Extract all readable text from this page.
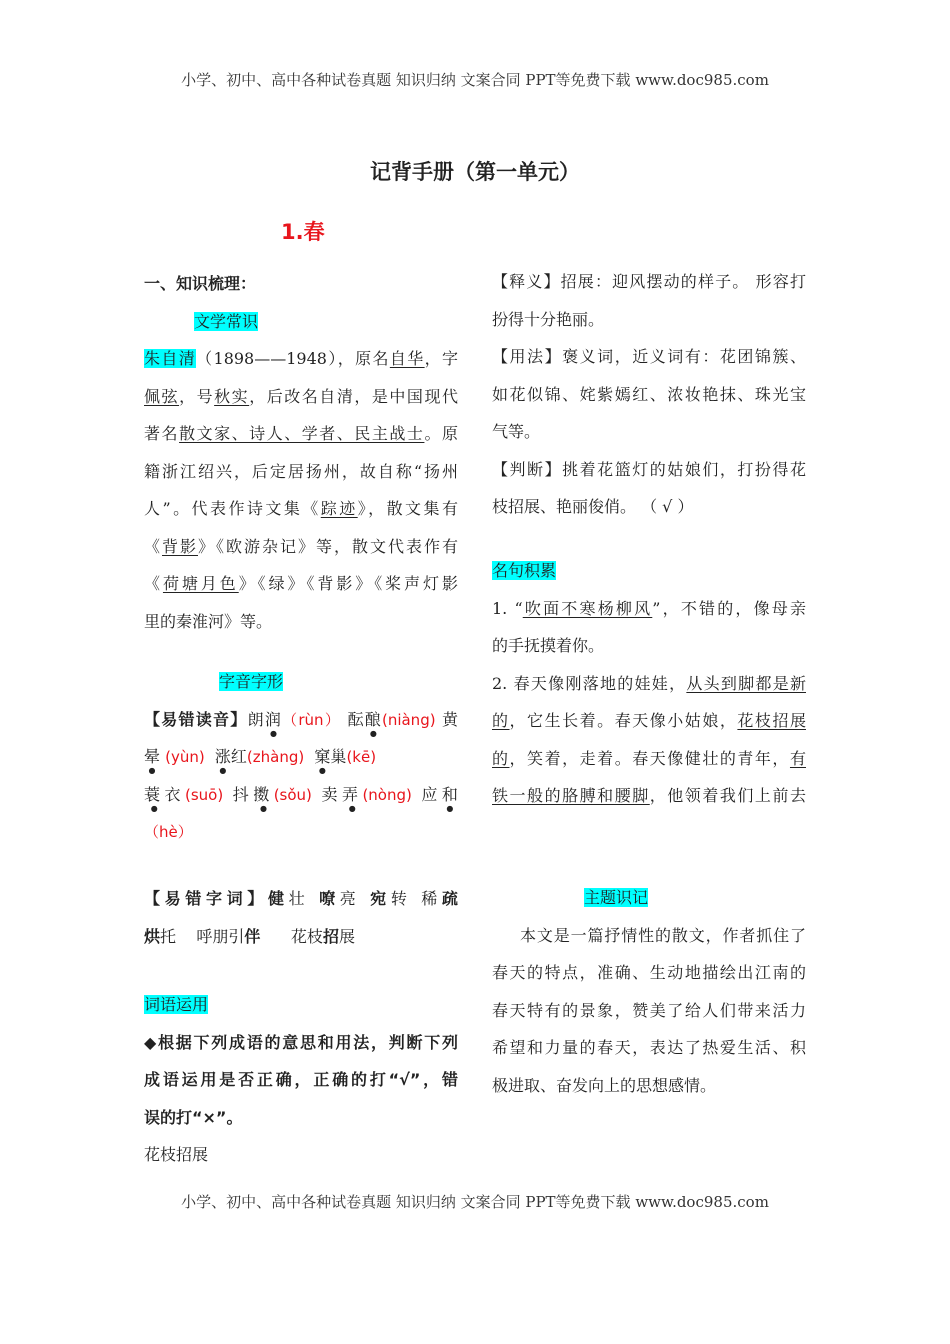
小学、初中、高中各种试卷真题 知识归纳 文案合同 PPT等免费下载 www.doc985.com
小学、初中、高中各种试卷真题 知识归纳 文案合同 PPT等免费下载 www.doc985.com
记背手册（第一单元）
1.春
一、知识梳理：
文学常识
朱自清（1898——1948），原名自华，字
佩弦，号秋实，后改名自清，是中国现代
著名散文家、诗人、学者、民主战士。原
籍浙江绍兴，后定居扬州，故自称“扬州
人”。代表作诗文集《踪迹》，散文集有
《背影》《欧游杂记》等，散文代表作有
《荷塘月色》《绿》《背影》《桨声灯影
里的秦淮河》等。
字音字形
【易错读音】朗润（rùn） 酝酿(niàng) 黄
晕 (yùn) 涨红(zhàng) 窠巢(kē)
蓑衣(suō) 抖擞(sǒu) 卖弄(nòng) 应和
（hè）
【易错字词】健壮 嘹亮 宛转 稀疏
烘托 呼朋引伴 花枝招展
词语运用
◆根据下列成语的意思和用法，判断下列
成语运用是否正确，正确的打“√”，错
误的打“×”。
花枝招展
【释义】招展：迎风摆动的样子。 形容打
扮得十分艳丽。
【用法】褒义词，近义词有：花团锦簇、
如花似锦、姹紫嫣红、浓妆艳抹、珠光宝
气等。
【判断】挑着花篮灯的姑娘们，打扮得花
枝招展、艳丽俊俏。 （ √ ）
名句积累
1. “吹面不寒杨柳风”，不错的，像母亲
的手抚摸着你。
2. 春天像刚落地的娃娃，从头到脚都是新
的，它生长着。春天像小姑娘，花枝招展
的，笑着，走着。春天像健壮的青年，有
铁一般的胳膊和腰脚，他领着我们上前去
主题识记
本文是一篇抒情性的散文，作者抓住了
春天的特点，准确、生动地描绘出江南的
春天特有的景象，赞美了给人们带来活力
希望和力量的春天，表达了热爱生活、积
极进取、奋发向上的思想感情。
